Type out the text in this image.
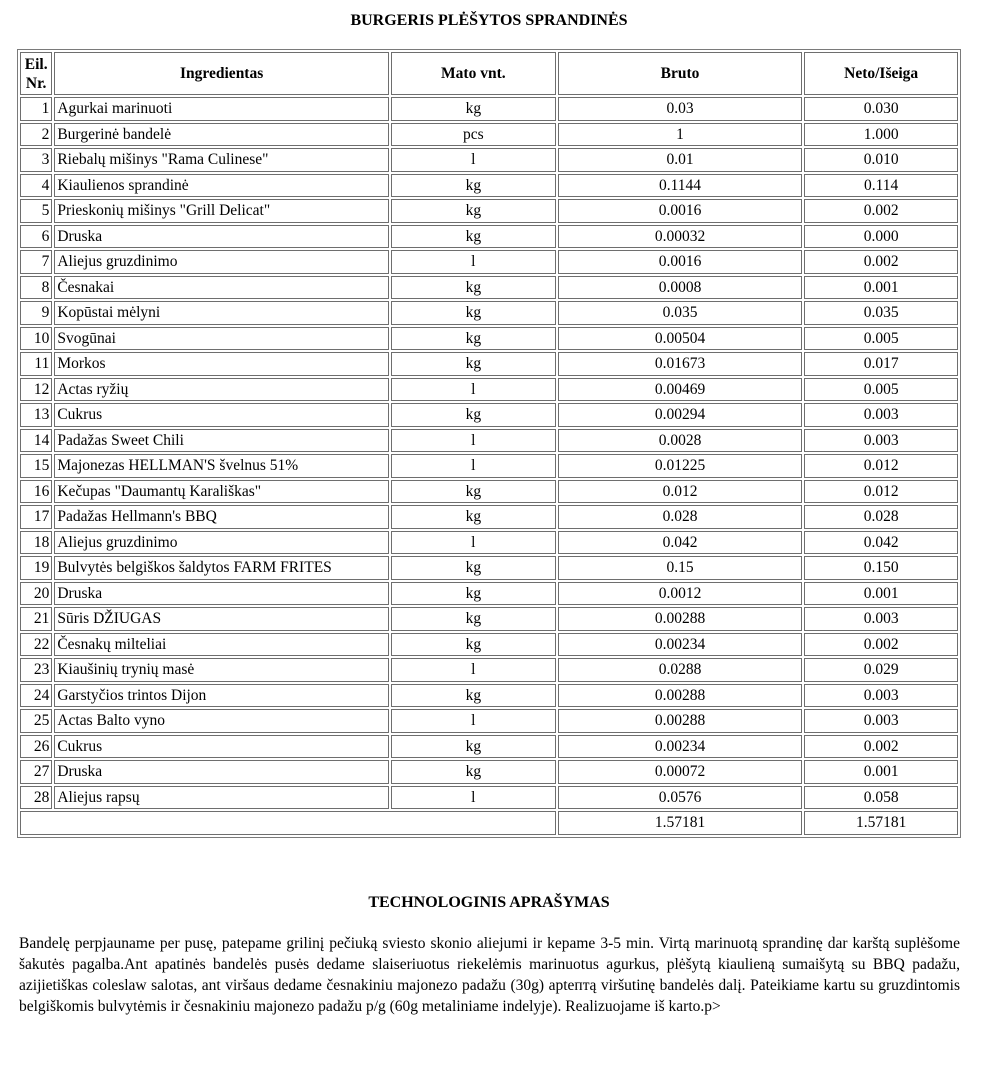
BURGERIS PLĖŠYTOS SPRANDINĖS
Eil. Nr.	Ingredientas	Mato vnt.	Bruto	Neto/Išeiga
1	Agurkai marinuoti	kg	0.03	0.030
2	Burgerinė bandelė	pcs	1	1.000
3	Riebalų mišinys "Rama Culinese"	l	0.01	0.010
4	Kiaulienos sprandinė	kg	0.1144	0.114
5	Prieskonių mišinys "Grill Delicat"	kg	0.0016	0.002
6	Druska	kg	0.00032	0.000
7	Aliejus gruzdinimo	l	0.0016	0.002
8	Česnakai	kg	0.0008	0.001
9	Kopūstai mėlyni	kg	0.035	0.035
10	Svogūnai	kg	0.00504	0.005
11	Morkos	kg	0.01673	0.017
12	Actas ryžių	l	0.00469	0.005
13	Cukrus	kg	0.00294	0.003
14	Padažas Sweet Chili	l	0.0028	0.003
15	Majonezas HELLMAN'S švelnus 51%	l	0.01225	0.012
16	Kečupas "Daumantų Karališkas"	kg	0.012	0.012
17	Padažas Hellmann's BBQ	kg	0.028	0.028
18	Aliejus gruzdinimo	l	0.042	0.042
19	Bulvytės belgiškos šaldytos FARM FRITES	kg	0.15	0.150
20	Druska	kg	0.0012	0.001
21	Sūris DŽIUGAS	kg	0.00288	0.003
22	Česnakų milteliai	kg	0.00234	0.002
23	Kiaušinių trynių masė	l	0.0288	0.029
24	Garstyčios trintos Dijon	kg	0.00288	0.003
25	Actas Balto vyno	l	0.00288	0.003
26	Cukrus	kg	0.00234	0.002
27	Druska	kg	0.00072	0.001
28	Aliejus rapsų	l	0.0576	0.058
			1.57181	1.57181
TECHNOLOGINIS APRAŠYMAS
Bandelę perpjauname per pusę, patepame grilinį pečiuką sviesto skonio aliejumi ir kepame 3-5 min. Virtą marinuotą sprandinę dar karštą suplėšome šakutės pagalba.Ant apatinės bandelės pusės dedame slaiseriuotus riekelėmis marinuotus agurkus, plėšytą kiaulieną sumaišytą su BBQ padažu, azijietiškas coleslaw salotas, ant viršaus dedame česnakiniu majonezo padažu (30g) aptептą viršutinę bandelės dalį. Pateikiame kartu su gruzdintomis belgiškomis bulvytėmis ir česnakiniu majonezo padažu p/g (60g metaliniame indelyje). Realizuojame iš karto.p>
